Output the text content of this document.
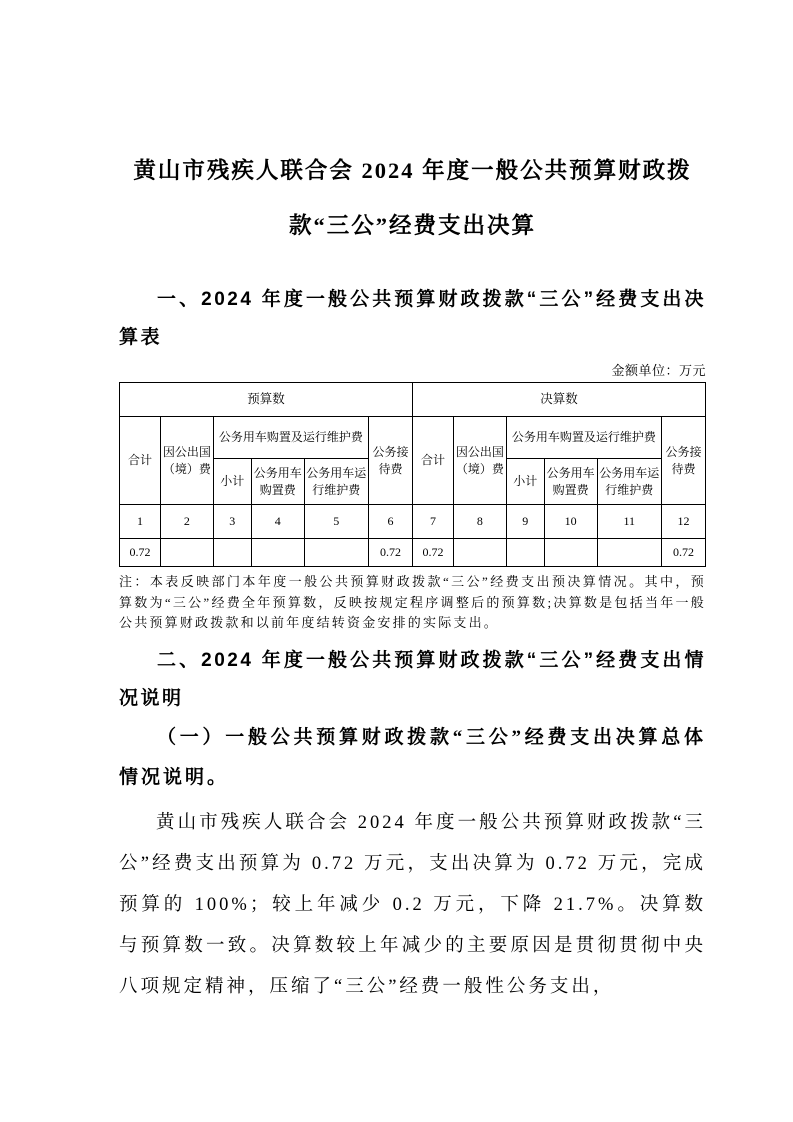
黄山市残疾人联合会 2024 年度一般公共预算财政拨款“三公”经费支出决算
一、2024 年度一般公共预算财政拨款“三公”经费支出决算表
金额单位：万元
预算数						决算数					
合计	因公出国（境）费	公务用车购置及运行维护费			公务接待费	合计	因公出国（境）费	公务用车购置及运行维护费			公务接待费
		小计	公务用车购置费	公务用车运行维护费				小计	公务用车购置费	公务用车运行维护费	
1	2	3	4	5	6	7	8	9	10	11	12
0.72					0.72	0.72					0.72
注：本表反映部门本年度一般公共预算财政拨款“三公”经费支出预决算情况。其中，预算数为“三公”经费全年预算数，反映按规定程序调整后的预算数;决算数是包括当年一般公共预算财政拨款和以前年度结转资金安排的实际支出。
二、2024 年度一般公共预算财政拨款“三公”经费支出情况说明
（一）一般公共预算财政拨款“三公”经费支出决算总体情况说明。
黄山市残疾人联合会 2024 年度一般公共预算财政拨款“三公”经费支出预算为 0.72 万元，支出决算为 0.72 万元，完成预算的 100%；较上年减少 0.2 万元，下降 21.7%。决算数与预算数一致。决算数较上年减少的主要原因是贯彻贯彻中央八项规定精神，压缩了“三公”经费一般性公务支出，
